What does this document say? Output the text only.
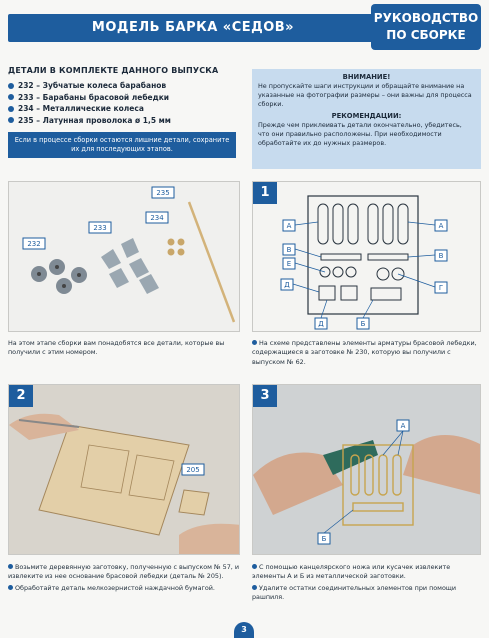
МОДЕЛЬ БАРКА «СЕДОВ»
РУКОВОДСТВО
ПО СБОРКЕ
ДЕТАЛИ В КОМПЛЕКТЕ ДАННОГО ВЫПУСКА
232 – Зубчатые колеса барабанов
233 – Барабаны брасовой лебедки
234 – Металлические колеса
235 – Латунная проволока ø 1,5 мм
Если в процессе сборки остаются лишние детали, сохраните их для последующих этапов.
ВНИМАНИЕ!
Не пропускайте шаги инструкции и обращайте внимание на указанные на фотографии размеры – они важны для процесса сборки.
РЕКОМЕНДАЦИИ:
Прежде чем приклеивать детали окончательно, убедитесь, что они правильно расположены. При необходимости обработайте их до нужных размеров.
232
233
234
235
А	А
В
В
Е
Д	Г
Д	Б
1
205
2
А
Б
3

На этом этапе сборки вам понадобятся все детали, которые вы получили с этим номером.

На схеме представлены элементы арматуры брасовой лебедки, содержащиеся в заготовке № 230, которую вы получили с выпуском № 62.

Возьмите деревянную заготовку, полученную с выпуском № 57, и извлеките из нее основание брасовой лебедки (деталь № 205).

Обработайте деталь мелкозернистой наждачной бумагой.

С помощью канцелярского ножа или кусачек извлеките элементы А и Б из металлической заготовки.

Удалите остатки соединительных элементов при помощи рашпиля.

3
